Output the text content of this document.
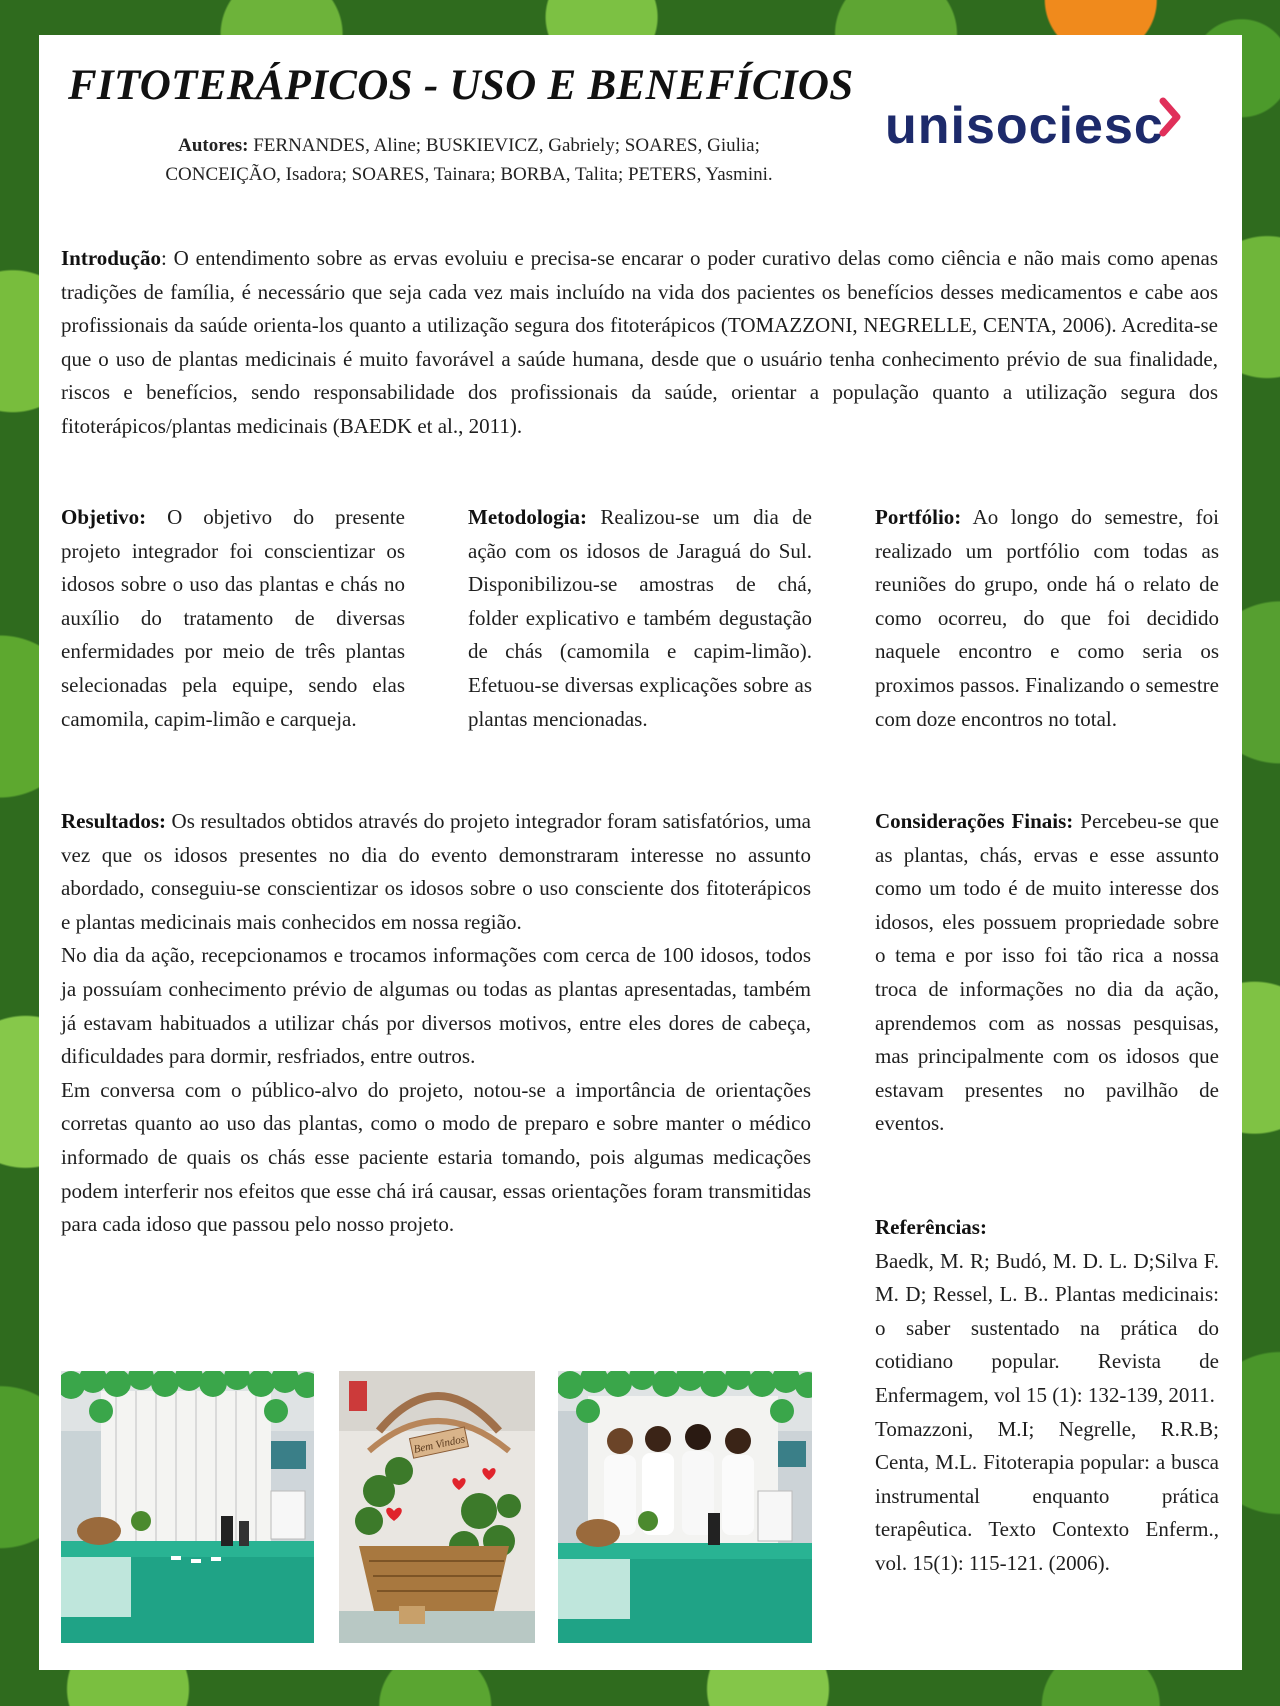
FITOTERÁPICOS - USO E BENEFÍCIOS
unisociesc
Autores: FERNANDES, Aline; BUSKIEVICZ, Gabriely; SOARES, Giulia; CONCEIÇÃO, Isadora; SOARES, Tainara; BORBA, Talita; PETERS, Yasmini.
Introdução: O entendimento sobre as ervas evoluiu e precisa-se encarar o poder curativo delas como ciência e não mais como apenas tradições de família, é necessário que seja cada vez mais incluído na vida dos pacientes os benefícios desses medicamentos e cabe aos profissionais da saúde orienta-los quanto a utilização segura dos fitoterápicos (TOMAZZONI, NEGRELLE, CENTA, 2006). Acredita-se que o uso de plantas medicinais é muito favorável a saúde humana, desde que o usuário tenha conhecimento prévio de sua finalidade, riscos e benefícios, sendo responsabilidade dos profissionais da saúde, orientar a população quanto a utilização segura dos fitoterápicos/plantas medicinais (BAEDK et al., 2011).
Objetivo: O objetivo do presente projeto integrador foi conscientizar os idosos sobre o uso das plantas e chás no auxílio do tratamento de diversas enfermidades por meio de três plantas selecionadas pela equipe, sendo elas camomila, capim-limão e carqueja.
Metodologia: Realizou-se um dia de ação com os idosos de Jaraguá do Sul. Disponibilizou-se amostras de chá, folder explicativo e também degustação de chás (camomila e capim-limão). Efetuou-se diversas explicações sobre as plantas mencionadas.
Portfólio: Ao longo do semestre, foi realizado um portfólio com todas as reuniões do grupo, onde há o relato de como ocorreu, do que foi decidido naquele encontro e como seria os proximos passos. Finalizando o semestre com doze encontros no total.
Resultados: Os resultados obtidos através do projeto integrador foram satisfatórios, uma vez que os idosos presentes no dia do evento demonstraram interesse no assunto abordado, conseguiu-se conscientizar os idosos sobre o uso consciente dos fitoterápicos e plantas medicinais mais conhecidos em nossa região.
No dia da ação, recepcionamos e trocamos informações com cerca de 100 idosos, todos ja possuíam conhecimento prévio de algumas ou todas as plantas apresentadas, também já estavam habituados a utilizar chás por diversos motivos, entre eles dores de cabeça, dificuldades para dormir, resfriados, entre outros.
Em conversa com o público-alvo do projeto, notou-se a importância de orientações corretas quanto ao uso das plantas, como o modo de preparo e sobre manter o médico informado de quais os chás esse paciente estaria tomando, pois algumas medicações podem interferir nos efeitos que esse chá irá causar, essas orientações foram transmitidas para cada idoso que passou pelo nosso projeto.
Considerações Finais: Percebeu-se que as plantas, chás, ervas e esse assunto como um todo é de muito interesse dos idosos, eles possuem propriedade sobre o tema e por isso foi tão rica a nossa troca de informações no dia da ação, aprendemos com as nossas pesquisas, mas principalmente com os idosos que estavam presentes no pavilhão de eventos.
Referências:
Baedk, M. R; Budó, M. D. L. D;Silva F. M. D; Ressel, L. B.. Plantas medicinais: o saber sustentado na prática do cotidiano popular. Revista de Enfermagem, vol 15 (1): 132-139, 2011.
Tomazzoni, M.I; Negrelle, R.R.B; Centa, M.L. Fitoterapia popular: a busca instrumental enquanto prática terapêutica. Texto Contexto Enferm., vol. 15(1): 115-121. (2006).
Bem Vindos
